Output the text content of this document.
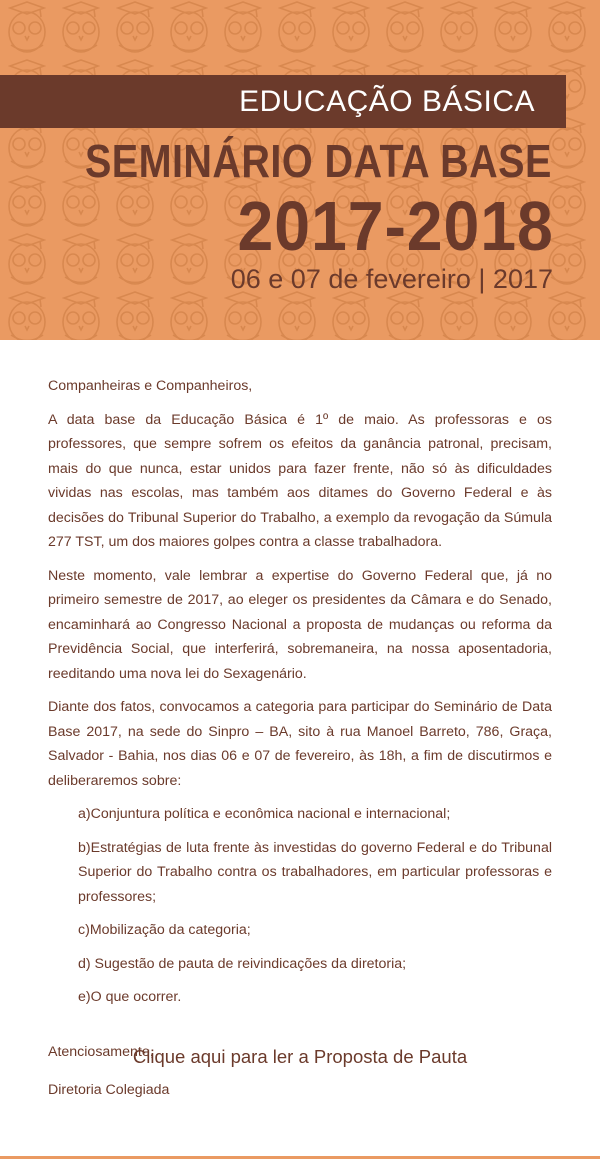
EDUCAÇÃO BÁSICA
SEMINÁRIO DATA BASE
2017-2018
06 e 07 de fevereiro | 2017

Companheiras e Companheiros,

A data base da Educação Básica é 1º de maio. As professoras e os professores, que sempre sofrem os efeitos da ganância patronal, precisam, mais do que nunca, estar unidos para fazer frente, não só às dificuldades vividas nas escolas, mas também aos ditames do Governo Federal e às decisões do Tribunal Superior do Trabalho, a exemplo da revogação da Súmula 277 TST, um dos maiores golpes contra a classe trabalhadora.

Neste momento, vale lembrar a expertise do Governo Federal que, já no primeiro semestre de 2017, ao eleger os presidentes da Câmara e do Senado, encaminhará ao Congresso Nacional a proposta de mudanças ou reforma da Previdência Social, que interferirá, sobremaneira, na nossa aposentadoria, reeditando uma nova lei do Sexagenário.

Diante dos fatos, convocamos a categoria para participar do Seminário de Data Base 2017, na sede do Sinpro – BA, sito à rua Manoel Barreto, 786, Graça, Salvador - Bahia, nos dias 06 e 07 de fevereiro, às 18h, a fim de discutirmos e deliberaremos sobre:

a)Conjuntura política e econômica nacional e internacional;
b)Estratégias de luta frente às investidas do governo Federal e do Tribunal Superior do Trabalho contra os trabalhadores, em particular professoras e professores;
c)Mobilização da categoria;
d) Sugestão de pauta de reivindicações da diretoria;
e)O que ocorrer.

Atenciosamente,

Diretoria Colegiada

Clique aqui para ler a Proposta de Pauta
